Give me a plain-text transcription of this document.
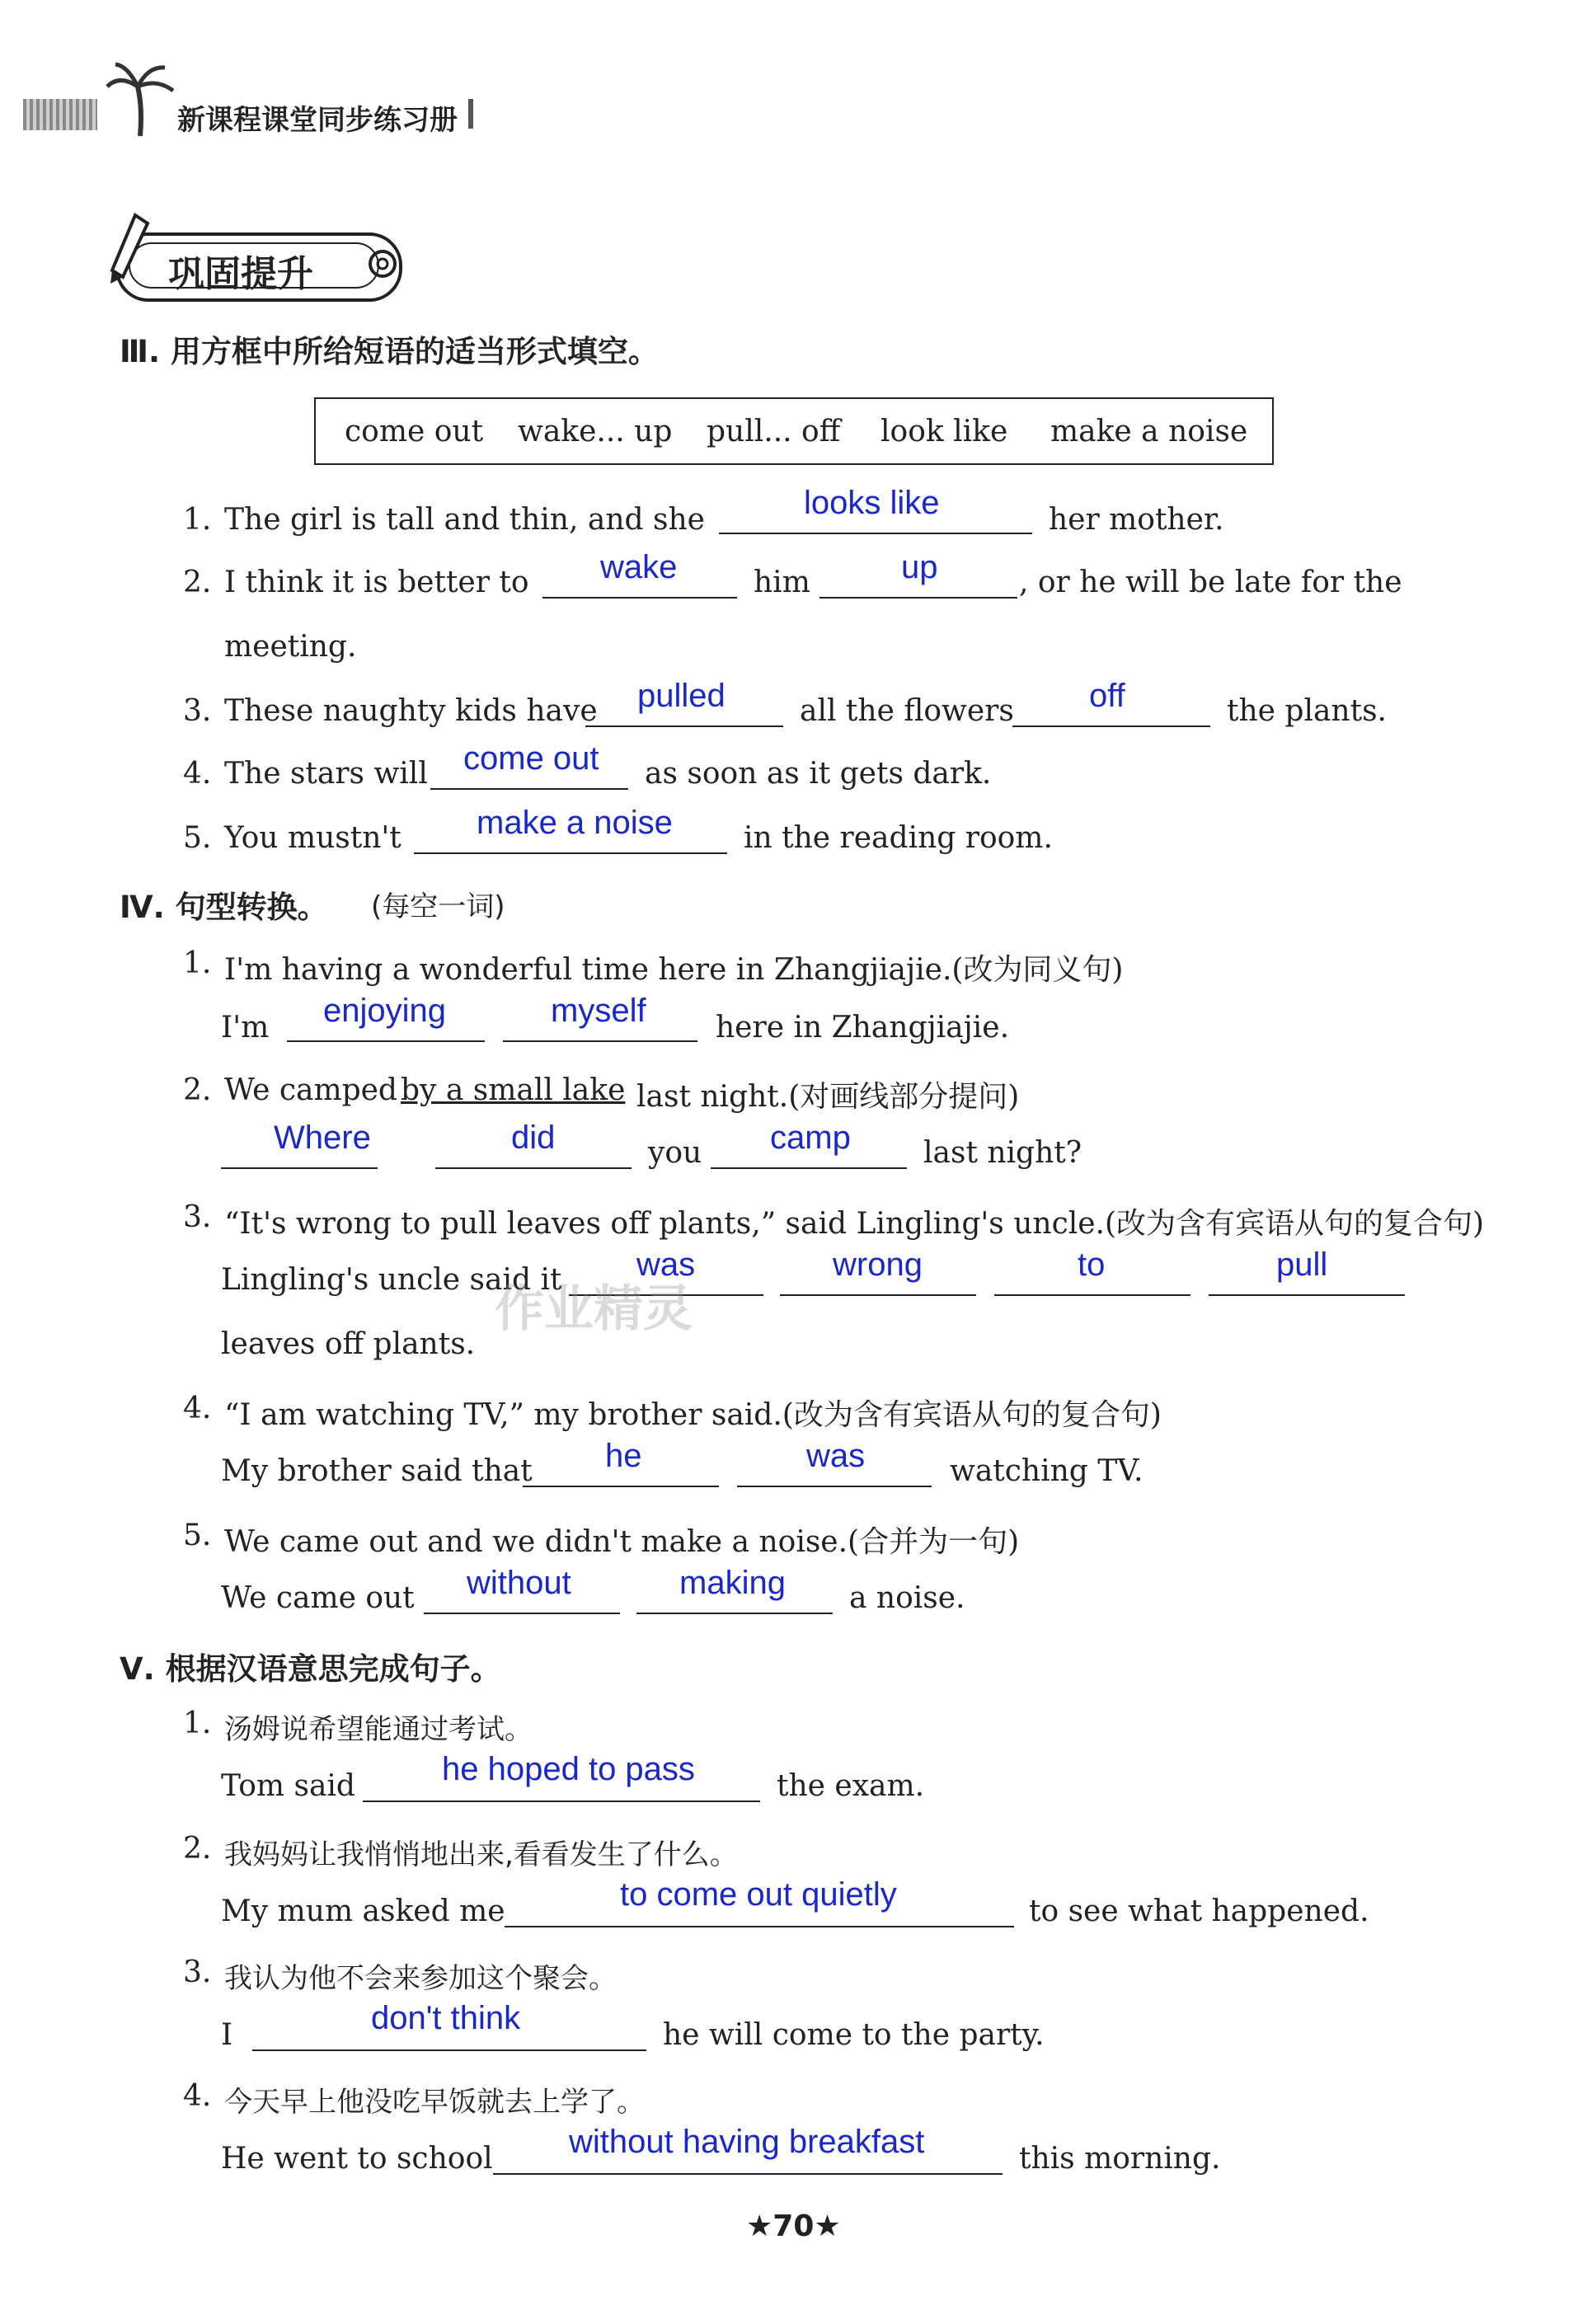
新课程课堂同步练习册
巩固提升
Ⅲ. 用方框中所给短语的适当形式填空。
come out wake... up pull... off look like make a noise
1. The girl is tall and thin, and she	looks like	her mother.
2. I think it is better to wake	him	up	, or he will be late for the
meeting.
3. These naughty kids have pulled	all the flowers off	the plants.
4. The stars will come out as soon as it gets dark.
5. You mustn't make a noise in the reading room.
Ⅳ. 句型转换。 (每空一词)
1. I'm having a wonderful time here in Zhangjiajie.(改为同义句)
I'm enjoying	myself here in Zhangjiajie.
2. We camped by a small lake last night.(对画线部分提问)
Where	did	you camp last night?
3. “It's wrong to pull leaves off plants,” said Lingling's uncle.(改为含有宾语从句的复合句)
Lingling's uncle said it was	wrong	to	pull
leaves off plants.
4. “I am watching TV,” my brother said.(改为含有宾语从句的复合句)
My brother said that he	was	watching TV.
5. We came out and we didn't make a noise.(合并为一句)
We came out without	making a noise.
Ⅴ. 根据汉语意思完成句子。
1. 汤姆说希望能通过考试。
Tom said	he hoped to pass	the exam.
2. 我妈妈让我悄悄地出来,看看发生了什么。
My mum asked me	to come out quietly	to see what happened.
3. 我认为他不会来参加这个聚会。
I	don't think	he will come to the party.
4. 今天早上他没吃早饭就去上学了。
He went to school without having breakfast	this morning.
作业精灵
★70★
